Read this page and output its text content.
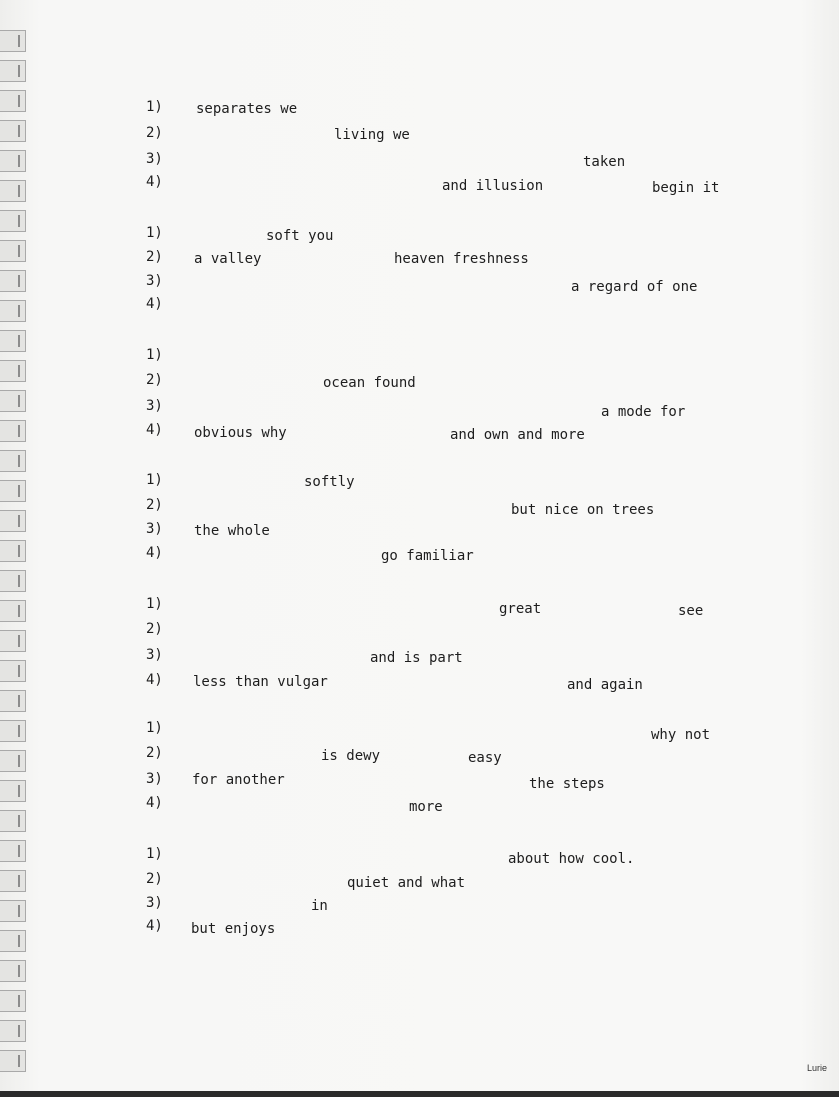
1) separates we
2)	living we
3)	taken
4)	and illusion	begin it
1)	soft you
2) a valley	heaven freshness
3)	a regard of one
4)
1)
2)	ocean found
3)	a mode for
4) obvious why	and own and more
1)	softly
2)	but nice on trees
3) the whole
4)	go familiar
1)	great	see
2)
3)	and is part
4) less than vulgar	and again
1)	why not
2)	is dewy	easy
3) for another	the steps
4)	more
1)	about how cool.
2)	quiet and what
3)	in
4) but enjoys
Lurie
